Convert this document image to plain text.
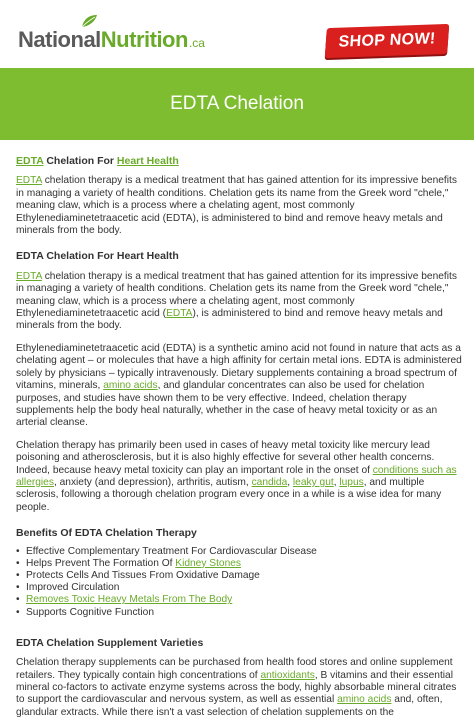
National Nutrition .ca	SHOP NOW!
EDTA Chelation
EDTA Chelation For Heart Health

EDTA chelation therapy is a medical treatment that has gained attention for its impressive benefits in managing a variety of health conditions. Chelation gets its name from the Greek word "chele," meaning claw, which is a process where a chelating agent, most commonly Ethylenediaminetetraacetic acid (EDTA), is administered to bind and remove heavy metals and minerals from the body.

EDTA Chelation For Heart Health

EDTA chelation therapy is a medical treatment that has gained attention for its impressive benefits in managing a variety of health conditions. Chelation gets its name from the Greek word "chele," meaning claw, which is a process where a chelating agent, most commonly Ethylenediaminetetraacetic acid (EDTA), is administered to bind and remove heavy metals and minerals from the body.

Ethylenediaminetetraacetic acid (EDTA) is a synthetic amino acid not found in nature that acts as a chelating agent – or molecules that have a high affinity for certain metal ions. EDTA is administered solely by physicians – typically intravenously. Dietary supplements containing a broad spectrum of vitamins, minerals, amino acids, and glandular concentrates can also be used for chelation purposes, and studies have shown them to be very effective. Indeed, chelation therapy supplements help the body heal naturally, whether in the case of heavy metal toxicity or as an arterial cleanse.

Chelation therapy has primarily been used in cases of heavy metal toxicity like mercury lead poisoning and atherosclerosis, but it is also highly effective for several other health concerns. Indeed, because heavy metal toxicity can play an important role in the onset of conditions such as allergies, anxiety (and depression), arthritis, autism, candida, leaky gut, lupus, and multiple sclerosis, following a thorough chelation program every once in a while is a wise idea for many people.

Benefits Of EDTA Chelation Therapy
• Effective Complementary Treatment For Cardiovascular Disease
• Helps Prevent The Formation Of Kidney Stones
• Protects Cells And Tissues From Oxidative Damage
• Improved Circulation
• Removes Toxic Heavy Metals From The Body
• Supports Cognitive Function
EDTA Chelation Supplement Varieties

Chelation therapy supplements can be purchased from health food stores and online supplement retailers. They typically contain high concentrations of antioxidants, B vitamins and their essential mineral co-factors to activate enzyme systems across the body, highly absorbable mineral citrates to support the cardiovascular and nervous system, as well as essential amino acids and, often, glandular extracts. While there isn't a vast selection of chelation supplements on the
